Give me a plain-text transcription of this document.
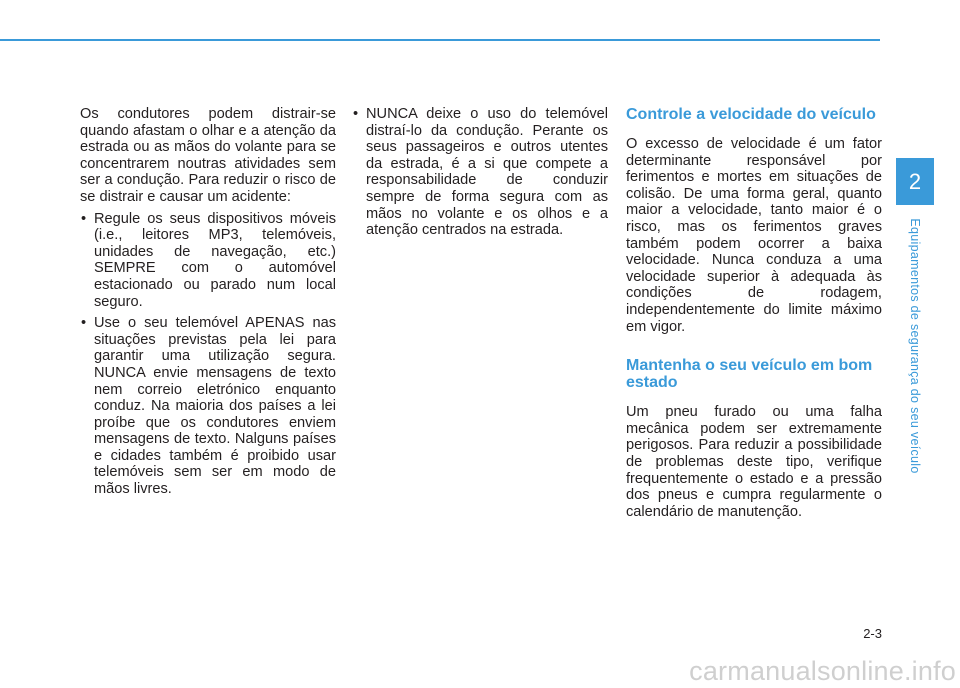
Os condutores podem distrair-se quando afastam o olhar e a atenção da estrada ou as mãos do volante para se concentrarem noutras atividades sem ser a condução. Para reduzir o risco de se distrair e causar um acidente:

• Regule os seus dispositivos móveis (i.e., leitores MP3, telemóveis, unidades de navegação, etc.) SEMPRE com o automóvel estacionado ou parado num local seguro.
• Use o seu telemóvel APENAS nas situações previstas pela lei para garantir uma utilização segura. NUNCA envie mensagens de texto nem correio eletrónico enquanto conduz. Na maioria dos países a lei proíbe que os condutores enviem mensagens de texto. Nalguns países e cidades também é proibido usar telemóveis sem ser em modo de mãos livres.
• NUNCA deixe o uso do telemóvel distraí-lo da condução. Perante os seus passageiros e outros utentes da estrada, é a si que compete a responsabilidade de conduzir sempre de forma segura com as mãos no volante e os olhos e a atenção centrados na estrada.
Controle a velocidade do veículo

O excesso de velocidade é um fator determinante responsável por ferimentos e mortes em situações de colisão. De uma forma geral, quanto maior a velocidade, tanto maior é o risco, mas os ferimentos graves também podem ocorrer a baixa velocidade. Nunca conduza a uma velocidade superior à adequada às condições de rodagem, independentemente do limite máximo em vigor.

Mantenha o seu veículo em bom estado

Um pneu furado ou uma falha mecânica podem ser extremamente perigosos. Para reduzir a possibilidade de problemas deste tipo, verifique frequentemente o estado e a pressão dos pneus e cumpra regularmente o calendário de manutenção.

2
Equipamentos de segurança do seu veículo
2-3
carmanualsonline.info
